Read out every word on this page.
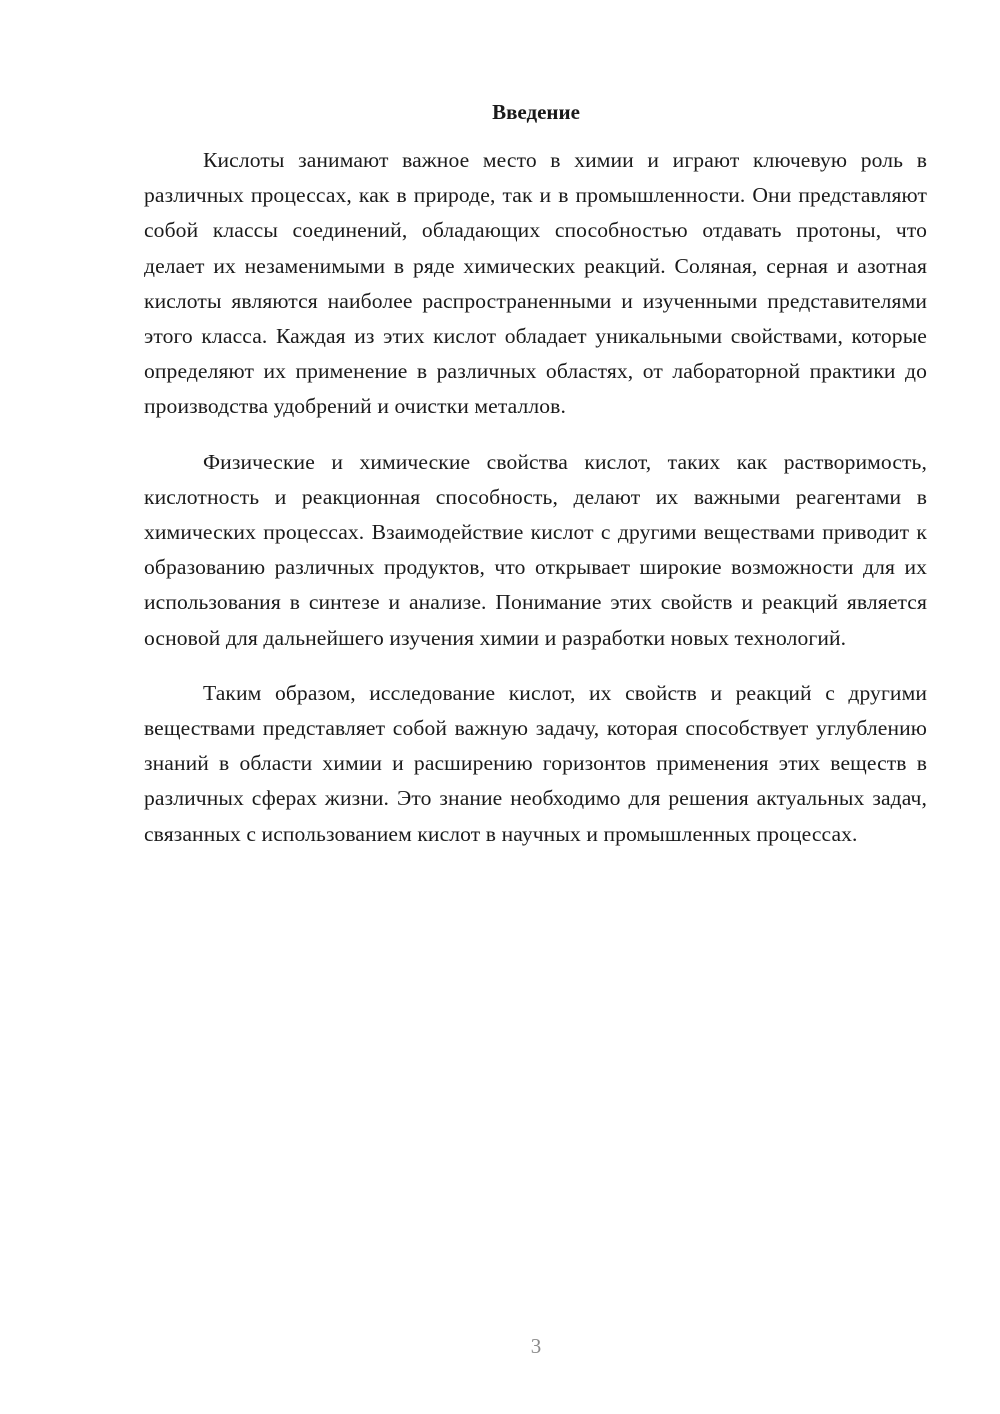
Введение

Кислоты занимают важное место в химии и играют ключевую роль в различных процессах, как в природе, так и в промышленности. Они представляют собой классы соединений, обладающих способностью отдавать протоны, что делает их незаменимыми в ряде химических реакций. Соляная, серная и азотная кислоты являются наиболее распространенными и изученными представителями этого класса. Каждая из этих кислот обладает уникальными свойствами, которые определяют их применение в различных областях, от лабораторной практики до производства удобрений и очистки металлов.

Физические и химические свойства кислот, таких как растворимость, кислотность и реакционная способность, делают их важными реагентами в химических процессах. Взаимодействие кислот с другими веществами приводит к образованию различных продуктов, что открывает широкие возможности для их использования в синтезе и анализе. Понимание этих свойств и реакций является основой для дальнейшего изучения химии и разработки новых технологий.

Таким образом, исследование кислот, их свойств и реакций с другими веществами представляет собой важную задачу, которая способствует углублению знаний в области химии и расширению горизонтов применения этих веществ в различных сферах жизни. Это знание необходимо для решения актуальных задач, связанных с использованием кислот в научных и промышленных процессах.

3
